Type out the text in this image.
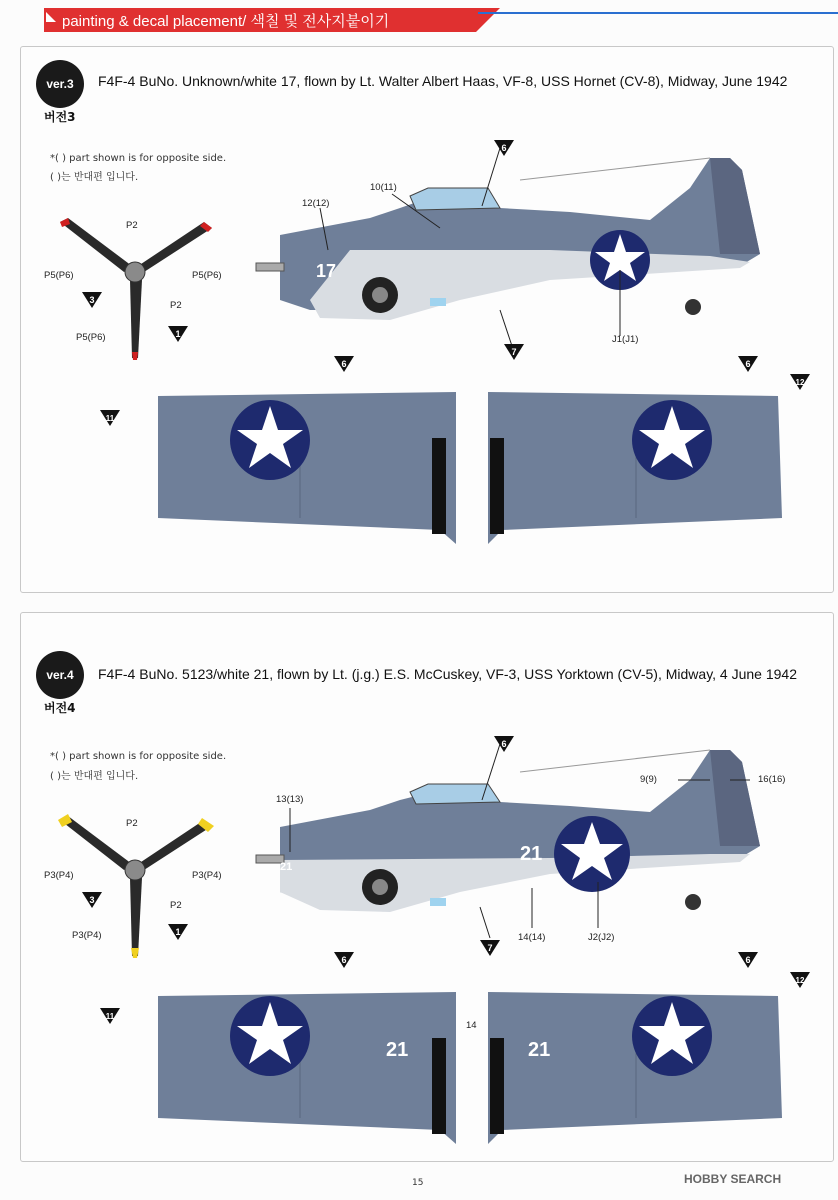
painting & decal placement/ 색칠 및 전사지붙이기
ver.3
버전3
F4F-4 BuNo. Unknown/white 17, flown by Lt. Walter Albert Haas, VF-8, USS Hornet (CV-8), Midway, June 1942
*( ) part shown is for opposite side.
( )는 반대편 입니다.
P2
P5(P6)	P5(P6)
P2
P5(P6)
3
1
17
12(12)
10(11)
J1(J1)
6
7
6	6
11
12
ver.4
버전4
F4F-4 BuNo. 5123/white 21, flown by Lt. (j.g.) E.S. McCuskey, VF-3, USS Yorktown (CV-5), Midway, 4 June 1942
*( ) part shown is for opposite side.
( )는 반대편 입니다.
P2
P3(P4)	P3(P4)
P2
P3(P4)
3
1
21
21
13(13)
9(9)	16(16)
14(14)	J2(J2)
6
7
21	21
14
6	6
11
12
15	HOBBY SEARCH
